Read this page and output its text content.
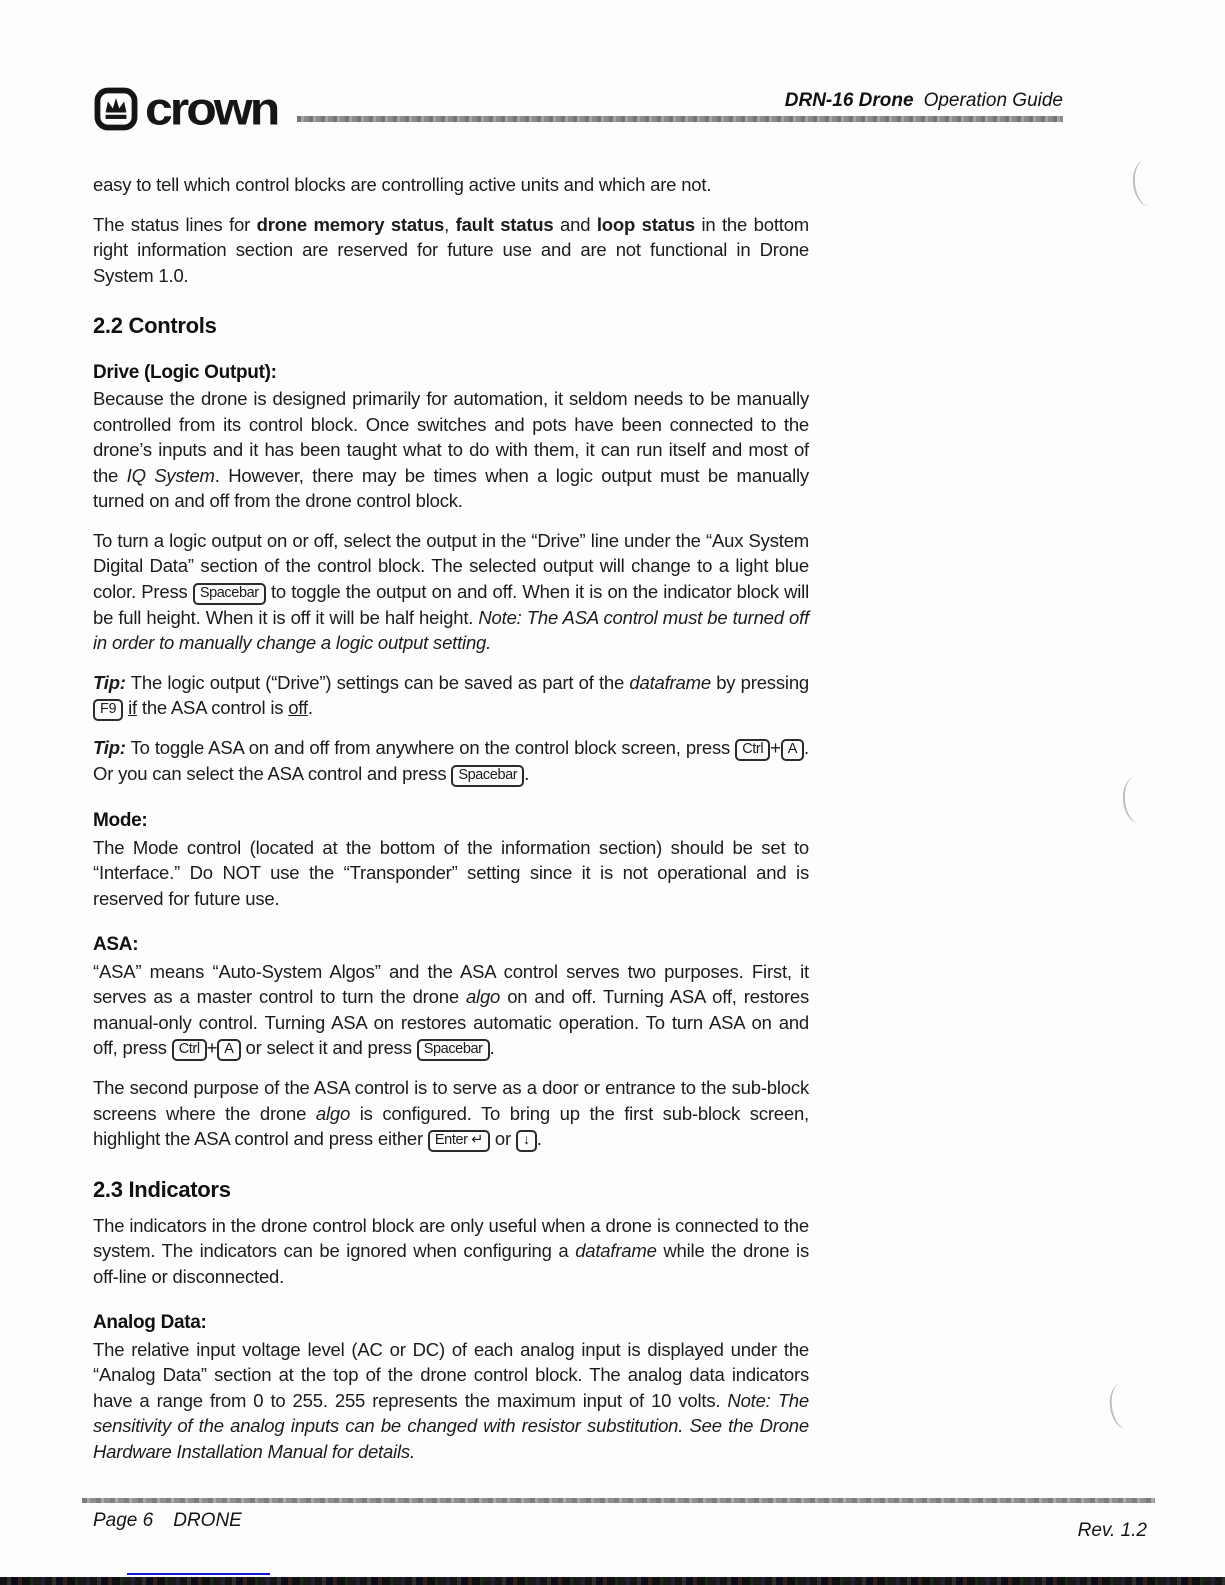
crown	DRN-16 Drone Operation Guide

easy to tell which control blocks are controlling active units and which are not.

The status lines for drone memory status, fault status and loop status in the bottom right information section are reserved for future use and are not functional in Drone System 1.0.

2.2 Controls
Drive (Logic Output):

Because the drone is designed primarily for automation, it seldom needs to be manually controlled from its control block. Once switches and pots have been connected to the drone’s inputs and it has been taught what to do with them, it can run itself and most of the IQ System. However, there may be times when a logic output must be manually turned on and off from the drone control block.

To turn a logic output on or off, select the output in the “Drive” line under the “Aux System Digital Data” section of the control block. The selected output will change to a light blue color. Press Spacebar to toggle the output on and off. When it is on the indicator block will be full height. When it is off it will be half height. Note: The ASA control must be turned off in order to manually change a logic output setting.

Tip: The logic output (“Drive”) settings can be saved as part of the dataframe by pressing F9 if the ASA control is off.

Tip: To toggle ASA on and off from anywhere on the control block screen, press Ctrl + A . Or you can select the ASA control and press Spacebar .

Mode:

The Mode control (located at the bottom of the information section) should be set to “Interface.” Do NOT use the “Transponder” setting since it is not operational and is reserved for future use.

ASA:

“ASA” means “Auto-System Algos” and the ASA control serves two purposes. First, it serves as a master control to turn the drone algo on and off. Turning ASA off, restores manual-only control. Turning ASA on restores automatic operation. To turn ASA on and off, press Ctrl + A or select it and press Spacebar .

The second purpose of the ASA control is to serve as a door or entrance to the sub-block screens where the drone algo is configured. To bring up the first sub-block screen, highlight the ASA control and press either Enter ↵ or ↓ .

2.3 Indicators

The indicators in the drone control block are only useful when a drone is connected to the system. The indicators can be ignored when configuring a dataframe while the drone is off-line or disconnected.

Analog Data:

The relative input voltage level (AC or DC) of each analog input is displayed under the “Analog Data” section at the top of the drone control block. The analog data indicators have a range from 0 to 255. 255 represents the maximum input of 10 volts. Note: The sensitivity of the analog inputs can be changed with resistor substitution. See the Drone Hardware Installation Manual for details.

Page 6 DRONE	Rev. 1.2
